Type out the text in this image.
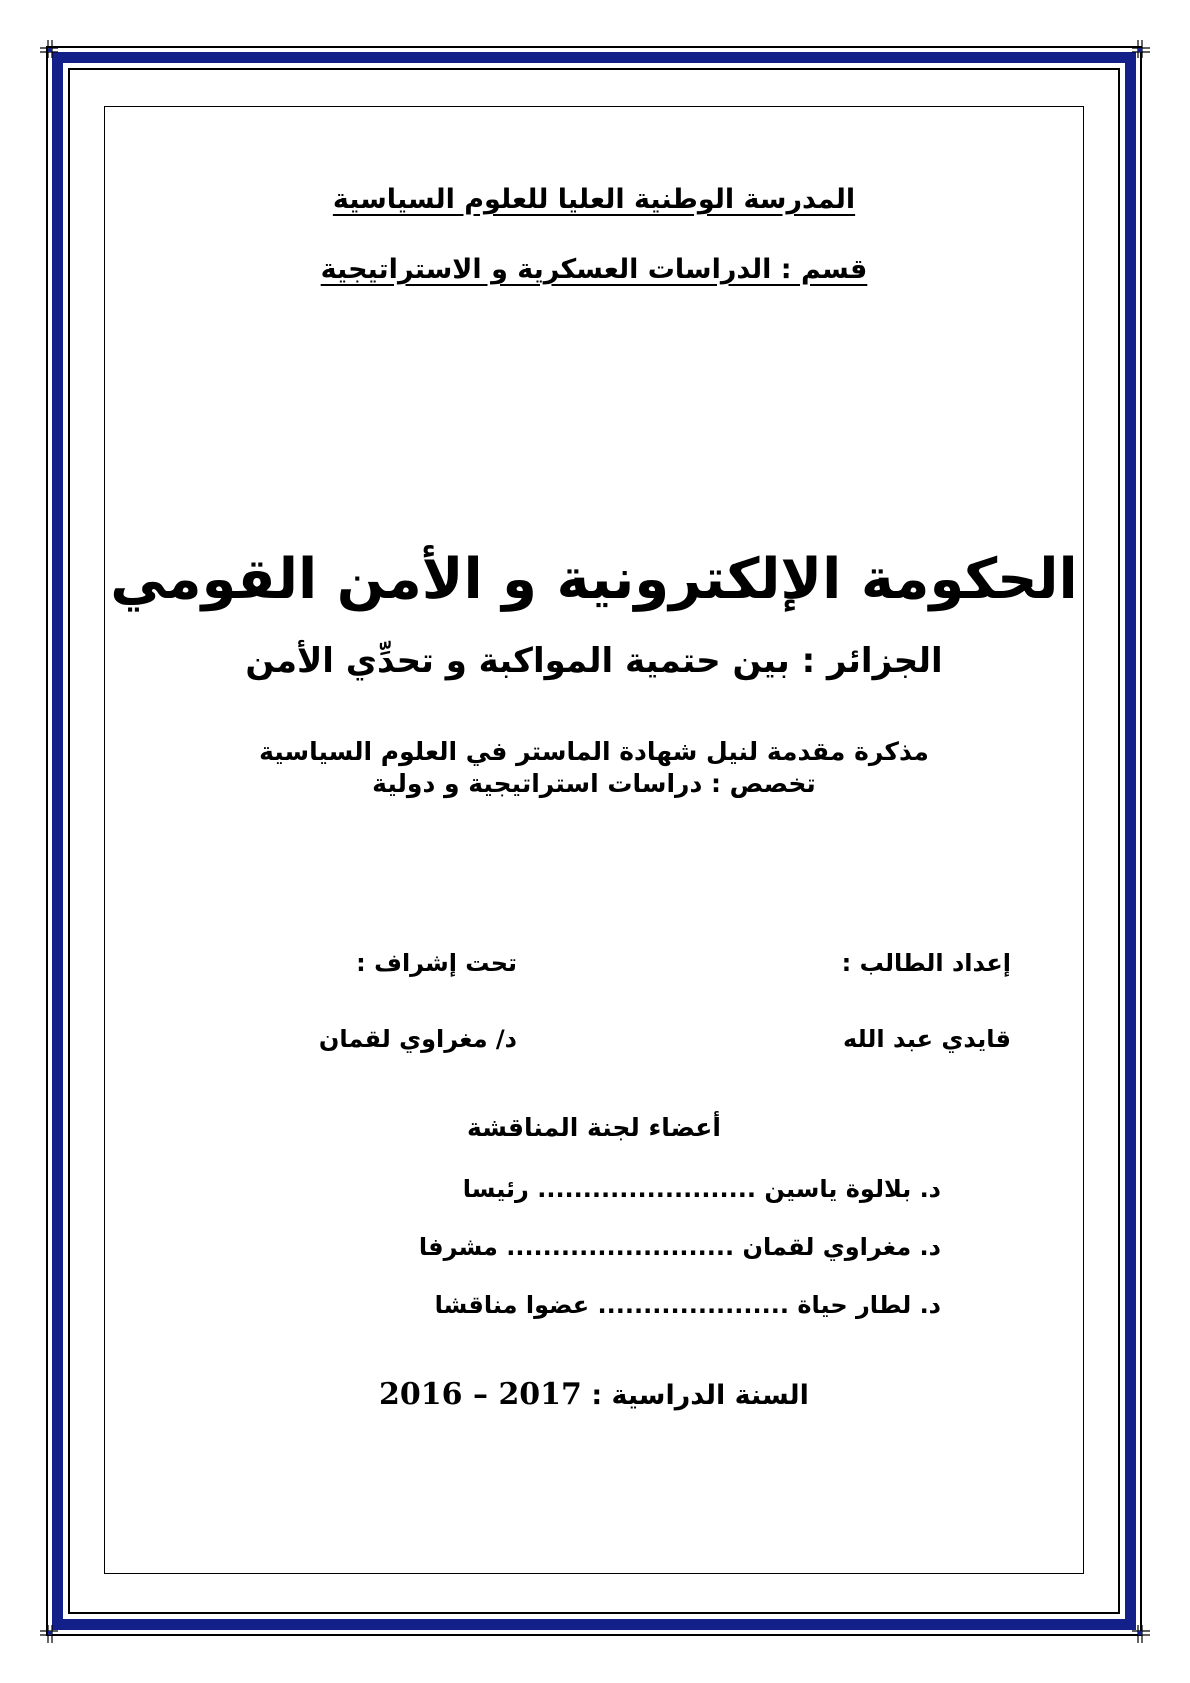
المدرسة الوطنية العليا للعلوم السياسية
قسم : الدراسات العسكرية و الاستراتيجية
الحكومة الإلكترونية و الأمن القومي
الجزائر : بين حتمية المواكبة و تحدِّي الأمن
مذكرة مقدمة لنيل شهادة الماستر في العلوم السياسية
تخصص : دراسات استراتيجية و دولية
إعداد الطالب :
تحت إشراف :
قايدي عبد الله
د/ مغراوي لقمان
أعضاء لجنة المناقشة
د. بلالوة ياسين ........................ رئيسا
د. مغراوي لقمان ......................... مشرفا
د. لطار حياة ..................... عضوا مناقشا
السنة الدراسية : 2016 – 2017
